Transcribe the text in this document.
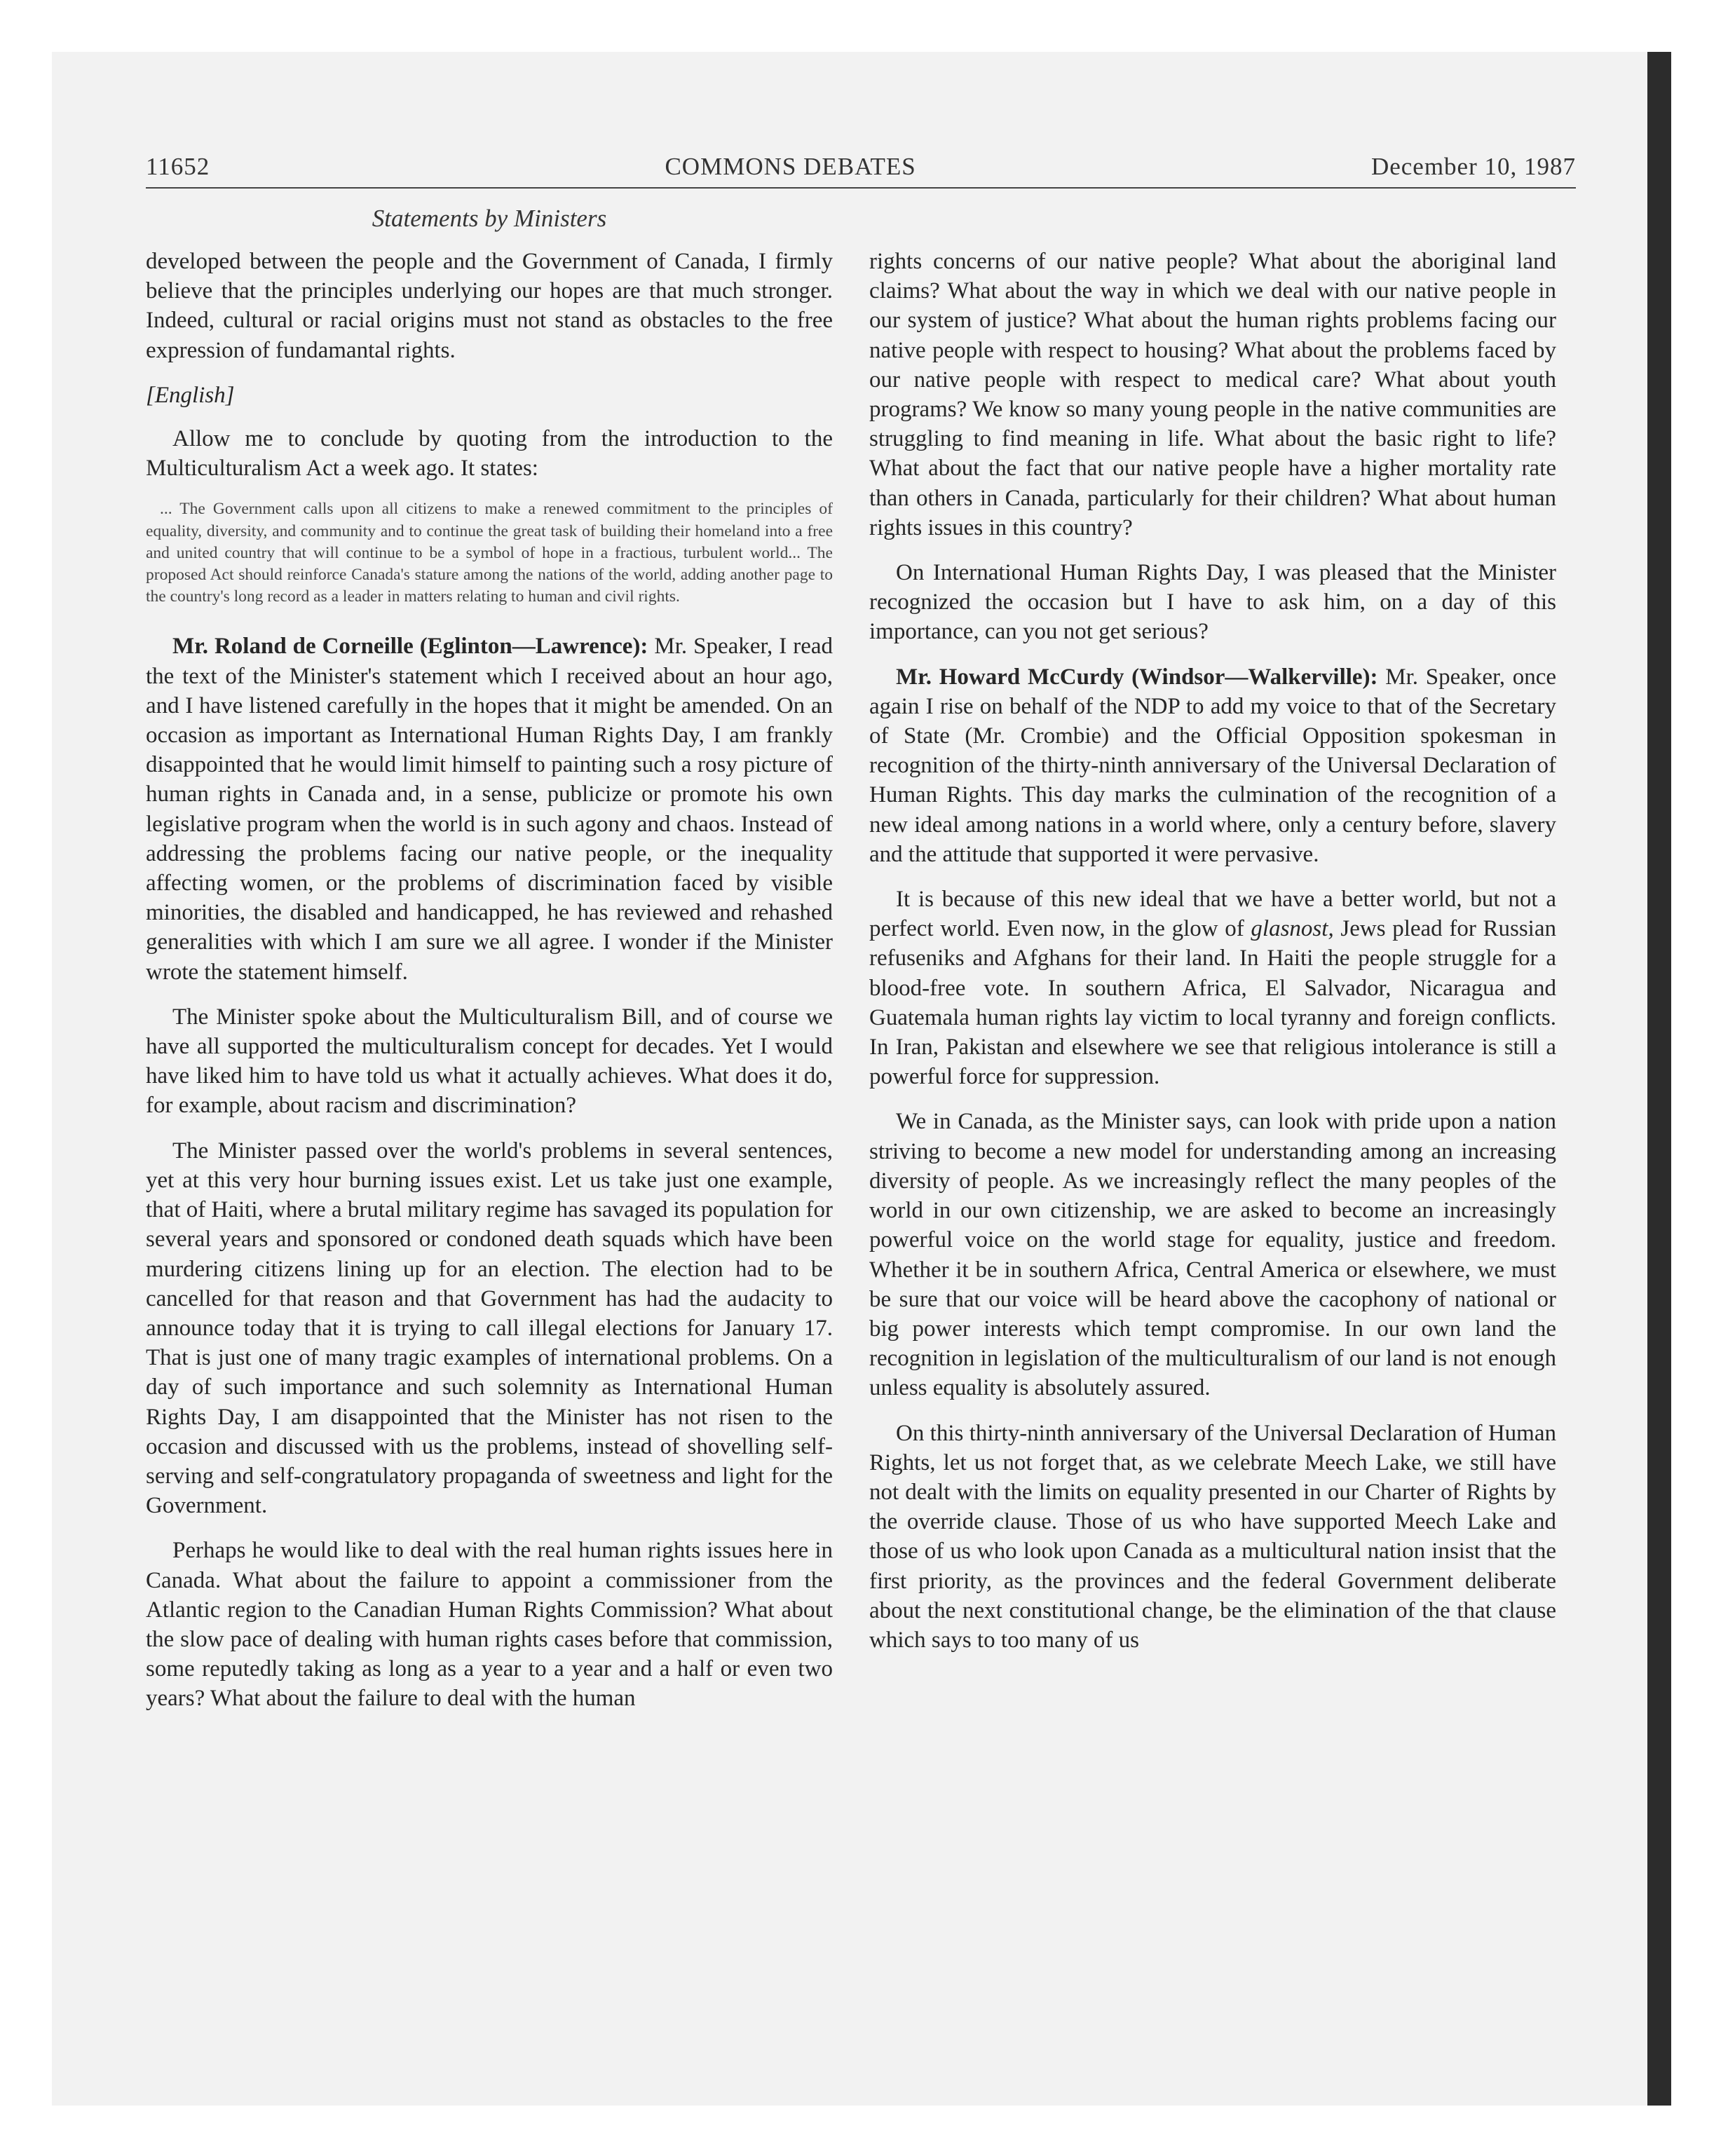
11652	COMMONS DEBATES	December 10, 1987
Statements by Ministers

developed between the people and the Government of Canada, I firmly believe that the principles underlying our hopes are that much stronger. Indeed, cultural or racial origins must not stand as obstacles to the free expression of fundamantal rights.

[English]

Allow me to conclude by quoting from the introduction to the Multiculturalism Act a week ago. It states:

... The Government calls upon all citizens to make a renewed commitment to the principles of equality, diversity, and community and to continue the great task of building their homeland into a free and united country that will continue to be a symbol of hope in a fractious, turbulent world... The proposed Act should reinforce Canada's stature among the nations of the world, adding another page to the country's long record as a leader in matters relating to human and civil rights.

Mr. Roland de Corneille (Eglinton—Lawrence): Mr. Speaker, I read the text of the Minister's statement which I received about an hour ago, and I have listened carefully in the hopes that it might be amended. On an occasion as important as International Human Rights Day, I am frankly disappointed that he would limit himself to painting such a rosy picture of human rights in Canada and, in a sense, publicize or promote his own legislative program when the world is in such agony and chaos. Instead of addressing the problems facing our native people, or the inequality affecting women, or the problems of discrimination faced by visible minorities, the disabled and handicapped, he has reviewed and rehashed generalities with which I am sure we all agree. I wonder if the Minister wrote the statement himself.

The Minister spoke about the Multiculturalism Bill, and of course we have all supported the multiculturalism concept for decades. Yet I would have liked him to have told us what it actually achieves. What does it do, for example, about racism and discrimination?

The Minister passed over the world's problems in several sentences, yet at this very hour burning issues exist. Let us take just one example, that of Haiti, where a brutal military regime has savaged its population for several years and sponsored or condoned death squads which have been murdering citizens lining up for an election. The election had to be cancelled for that reason and that Government has had the audacity to announce today that it is trying to call illegal elections for January 17. That is just one of many tragic examples of international problems. On a day of such importance and such solemnity as International Human Rights Day, I am disappointed that the Minister has not risen to the occasion and discussed with us the problems, instead of shovelling self-serving and self-congratulatory propaganda of sweetness and light for the Government.

Perhaps he would like to deal with the real human rights issues here in Canada. What about the failure to appoint a commissioner from the Atlantic region to the Canadian Human Rights Commission? What about the slow pace of dealing with human rights cases before that commission, some reputedly taking as long as a year to a year and a half or even two years? What about the failure to deal with the human

rights concerns of our native people? What about the aboriginal land claims? What about the way in which we deal with our native people in our system of justice? What about the human rights problems facing our native people with respect to housing? What about the problems faced by our native people with respect to medical care? What about youth programs? We know so many young people in the native communities are struggling to find meaning in life. What about the basic right to life? What about the fact that our native people have a higher mortality rate than others in Canada, particularly for their children? What about human rights issues in this country?

On International Human Rights Day, I was pleased that the Minister recognized the occasion but I have to ask him, on a day of this importance, can you not get serious?

Mr. Howard McCurdy (Windsor—Walkerville): Mr. Speaker, once again I rise on behalf of the NDP to add my voice to that of the Secretary of State (Mr. Crombie) and the Official Opposition spokesman in recognition of the thirty-ninth anniversary of the Universal Declaration of Human Rights. This day marks the culmination of the recognition of a new ideal among nations in a world where, only a century before, slavery and the attitude that supported it were pervasive.

It is because of this new ideal that we have a better world, but not a perfect world. Even now, in the glow of glasnost, Jews plead for Russian refuseniks and Afghans for their land. In Haiti the people struggle for a blood-free vote. In southern Africa, El Salvador, Nicaragua and Guatemala human rights lay victim to local tyranny and foreign conflicts. In Iran, Pakistan and elsewhere we see that religious intolerance is still a powerful force for suppression.

We in Canada, as the Minister says, can look with pride upon a nation striving to become a new model for understanding among an increasing diversity of people. As we increasingly reflect the many peoples of the world in our own citizenship, we are asked to become an increasingly powerful voice on the world stage for equality, justice and freedom. Whether it be in southern Africa, Central America or elsewhere, we must be sure that our voice will be heard above the cacophony of national or big power interests which tempt compromise. In our own land the recognition in legislation of the multiculturalism of our land is not enough unless equality is absolutely assured.

On this thirty-ninth anniversary of the Universal Declaration of Human Rights, let us not forget that, as we celebrate Meech Lake, we still have not dealt with the limits on equality presented in our Charter of Rights by the override clause. Those of us who have supported Meech Lake and those of us who look upon Canada as a multicultural nation insist that the first priority, as the provinces and the federal Government deliberate about the next constitutional change, be the elimination of the that clause which says to too many of us
